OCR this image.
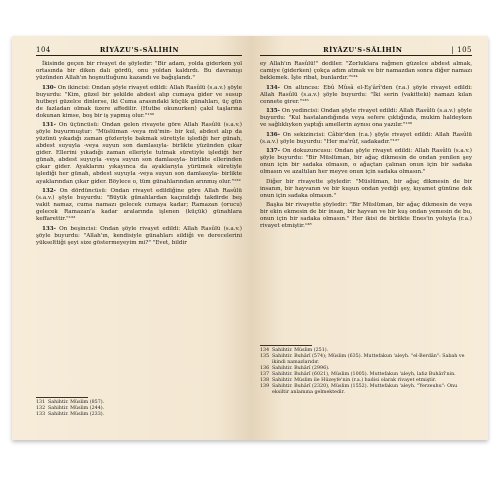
104	RİYÂZU'S-SÂLİHİN

İkisinde geçen bir rivayet de şöyledir: "Bir adam, yolda giderken yol ortasında bir diken dalı gördü, onu yoldan kaldırdı. Bu davranışı yüzünden Allah'ın hoşnutluğunu kazandı ve bağışlandı."

130- On ikincisi: Ondan şöyle rivayet edildi: Allah Rasûlü (s.a.v.) şöyle buyurdu: "Kim, güzel bir şekilde abdest alıp cumaya gider ve susup hutbeyi güzelce dinlerse, iki Cuma arasındaki küçük günahları, üç gün de fazladan olmak üzere affedilir. (Hutbe okunurken) çakıl taşlarına dokunan kimse, boş bir iş yapmış olur."¹³⁰

131- On üçüncüsü: Ondan gelen rivayete göre Allah Rasûlü (s.a.v.) şöyle buyurmuştur: "Müslüman -veya mü'min- bir kul, abdest alıp da yüzünü yıkadığı zaman gözleriyle bakmak süretiyle işlediği her günah, abdest suyuyla -veya suyun son damlasıyla- birlikte yüzünden çıkar gider. Ellerini yıkadığı zaman elleriyle tutmak süretiyle işlediği her günah, abdest suyuyla -veya suyun son damlasıyla- birlikte ellerinden çıkar gider. Ayaklarını yıkayınca da ayaklarıyla yürümek süretiyle işlediği her günah, abdest suyuyla -veya suyun son damlasıyla- birlikte ayaklarından çıkar gider. Böylece o, tüm günahlarından arınmış olur."¹³²

132- On dördüncüsü: Ondan rivayet edildiğine göre Allah Rasûlü (s.a.v.) şöyle buyurdu: "Büyük günahlardan kaçınıldığı takdirde beş vakit namaz, cuma namazı gelecek cumaya kadar; Ramazan (orucu) gelecek Ramazan'a kadar aralarında işlenen (küçük) günahlara keffarettir."¹³³

133- On beşincisi: Ondan şöyle rivayet edildi: Allah Rasûlü (s.a.v.) şöyle buyurdu: "Allah'ın, kendisiyle günahları sildiği ve derecelerini yükselttiği şeyi size göstermeyeyim mi?" "Evet, bildir

131 Sahihtir. Müslim (857).
132 Sahihtir. Müslim (244).
133 Sahihtir. Müslim (233).
RİYÂZU'S-SÂLİHİN	| 105

ey Allah'ın Rasûlü!" dediler. "Zorluklara rağmen güzelce abdest almak, camiye (giderken) çokça adım atmak ve bir namazdan sonra diğer namazı beklemek. İşte ribat, bunlardır."¹³⁴

134- On altıncısı: Ebû Mûsâ el-Eş'ârî'den (r.a.) şöyle rivayet edildi: Allah Rasûlü (s.a.v.) şöyle buyurdu: "İki serin (vakitteki) namazı kılan cennete girer."¹³⁵

135- On yedincisi: Ondan şöyle rivayet edildi: Allah Rasûlü (s.a.v.) şöyle buyurdu: "Kul hastalandığında veya sefere çıktığında, mukim haldeyken ve sağlıklıyken yaptığı amellerin aynısı ona yazılır."¹³⁶

136- On sekizincisi: Câbir'den (r.a.) şöyle rivayet edildi: Allah Rasûlü (s.a.v.) şöyle buyurdu: "Her ma'rûf, sadakadır."¹³⁷

137- On dokuzuncusu: Ondan şöyle rivayet edildi: Allah Rasûlü (s.a.v.) şöyle buyurdu: "Bir Müslüman, bir ağaç dikmesin de ondan yenilen şey onun için bir sadaka olmasın, o ağaçtan çalınan onun için bir sadaka olmasın ve azaltılan her meyve onun için sadaka olmasın."

Diğer bir rivayette şöyledir: "Müslüman, bir ağaç dikmesin de bir insanın, bir hayvanın ve bir kuşun ondan yediği şey, kıyamet gününe dek onun için sadaka olmasın."

Başka bir rivayette şöyledir: "Bir Müslüman, bir ağaç dikmesin de veya bir ekin ekmesin de bir insan, bir hayvan ve bir kuş ondan yemesin de bu, onun için bir sadaka olmasın." Her ikisi de birlikte Enes'in yoluyla (r.a.) rivayet etmiştir.¹³⁸

134 Sahihtir. Müslim (251).
135 Sahihtir. Buhârî (574); Müslim (635). Muttefakun 'aleyh. "el-Berdân": Sabah ve ikindi namazlarıdır.
136 Sahihtir. Buhârî (2996).
137 Sahihtir. Buhârî (6021), Müslim (1005). Muttefakun 'aleyh, lafız Buhârî'nin.
138 Sahihtir. Müslim ile Hüzeyfe'nin (r.a.) hadisi olarak rivayet etmiştir.
139 Sahihtir. Buhârî (2320), Müslim (1552). Muttefakun 'aleyh. "Yerzeuhu": Onu eksiltir anlamına gelmektedir.
